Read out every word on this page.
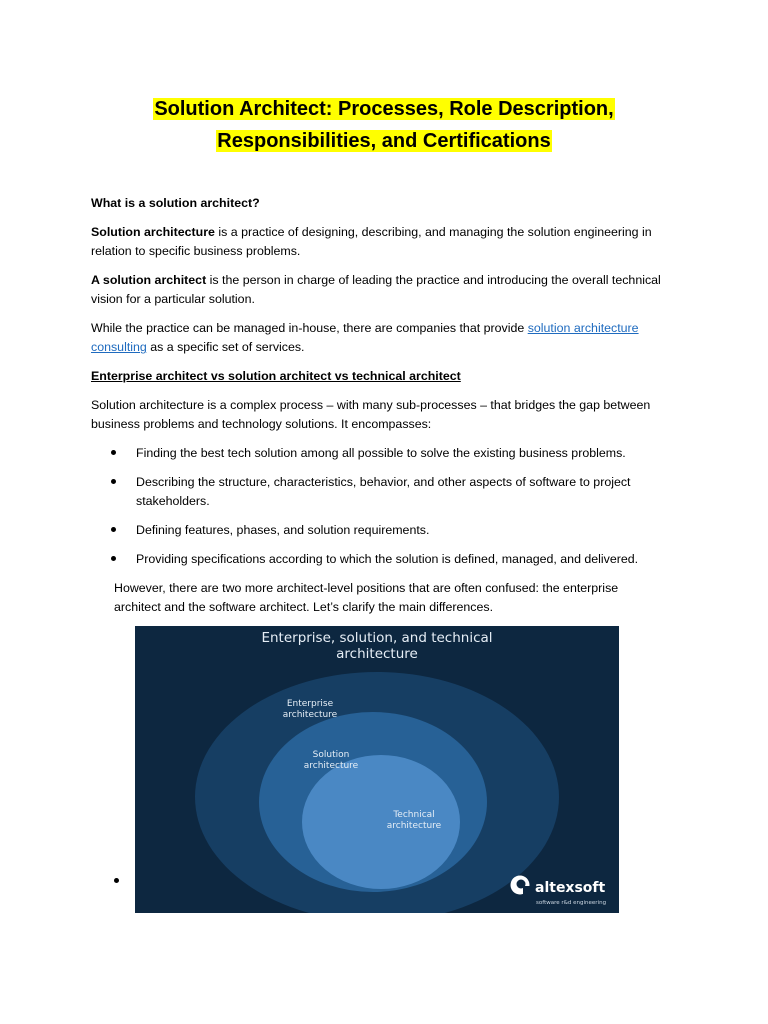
Solution Architect: Processes, Role Description,
Responsibilities, and Certifications

What is a solution architect?

Solution architecture is a practice of designing, describing, and managing the solution engineering in
relation to specific business problems.

A solution architect is the person in charge of leading the practice and introducing the overall technical
vision for a particular solution.

While the practice can be managed in-house, there are companies that provide solution architecture
consulting as a specific set of services.

Enterprise architect vs solution architect vs technical architect

Solution architecture is a complex process – with many sub-processes – that bridges the gap between
business problems and technology solutions. It encompasses:

Finding the best tech solution among all possible to solve the existing business problems.

Describing the structure, characteristics, behavior, and other aspects of software to project
stakeholders.

Defining features, phases, and solution requirements.

Providing specifications according to which the solution is defined, managed, and delivered.

However, there are two more architect-level positions that are often confused: the enterprise
architect and the software architect. Let’s clarify the main differences.

Enterprise, solution, and technical
architecture
Enterprise
architecture
Solution
architecture
Technical
architecture
altexsoft
software r&d engineering
